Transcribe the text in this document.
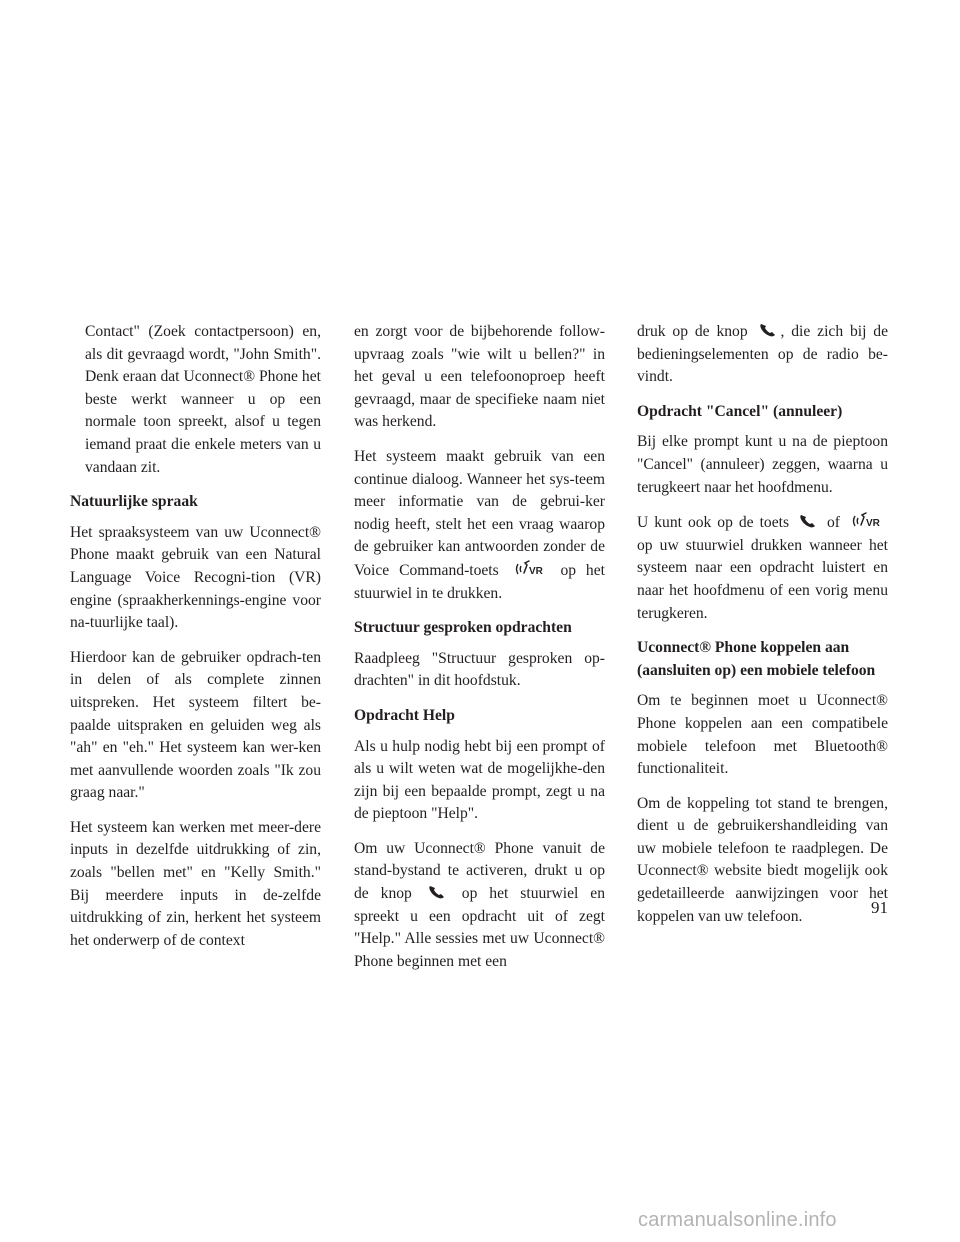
Contact" (Zoek contactpersoon) en, als dit gevraagd wordt, "John Smith". Denk eraan dat Uconnect® Phone het beste werkt wanneer u op een normale toon spreekt, alsof u tegen iemand praat die enkele meters van u vandaan zit.

Natuurlijke spraak

Het spraaksysteem van uw Uconnect® Phone maakt gebruik van een Natural Language Voice Recogni-tion (VR) engine (spraakherkennings-engine voor na-tuurlijke taal).

Hierdoor kan de gebruiker opdrach-ten in delen of als complete zinnen uitspreken. Het systeem filtert be-paalde uitspraken en geluiden weg als "ah" en "eh." Het systeem kan wer-ken met aanvullende woorden zoals "Ik zou graag naar."

Het systeem kan werken met meer-dere inputs in dezelfde uitdrukking of zin, zoals "bellen met" en "Kelly Smith." Bij meerdere inputs in de-zelfde uitdrukking of zin, herkent het systeem het onderwerp of de context

en zorgt voor de bijbehorende follow-upvraag zoals "wie wilt u bellen?" in het geval u een telefoonoproep heeft gevraagd, maar de specifieke naam niet was herkend.

Het systeem maakt gebruik van een continue dialoog. Wanneer het sys-teem meer informatie van de gebrui-ker nodig heeft, stelt het een vraag waarop de gebruiker kan antwoorden zonder de Voice Command-toets	VR op het stuurwiel in te drukken.

Structuur gesproken opdrachten

Raadpleeg "Structuur gesproken op-drachten" in dit hoofdstuk.

Opdracht Help

Als u hulp nodig hebt bij een prompt of als u wilt weten wat de mogelijkhe-den zijn bij een bepaalde prompt, zegt u na de pieptoon "Help".

Om uw Uconnect® Phone vanuit de stand-bystand te activeren, drukt u op de knop	op het stuurwiel en spreekt u een opdracht uit of zegt "Help." Alle sessies met uw Uconnect® Phone beginnen met een

druk op de knop , die zich bij de bedieningselementen op de radio be-vindt.

Opdracht "Cancel" (annuleer)

Bij elke prompt kunt u na de pieptoon "Cancel" (annuleer) zeggen, waarna u terugkeert naar het hoofdmenu.

U kunt ook op de toets of	VR
op uw stuurwiel drukken wanneer het systeem naar een opdracht luistert en naar het hoofdmenu of een vorig menu terugkeren.

Uconnect® Phone koppelen aan (aansluiten op) een mobiele telefoon

Om te beginnen moet u Uconnect® Phone koppelen aan een compatibele mobiele telefoon met Bluetooth® functionaliteit.

Om de koppeling tot stand te brengen, dient u de gebruikershandleiding van uw mobiele telefoon te raadplegen. De Uconnect® website biedt mogelijk ook gedetailleerde aanwijzingen voor het koppelen van uw telefoon.	91
carmanualsonline.info
